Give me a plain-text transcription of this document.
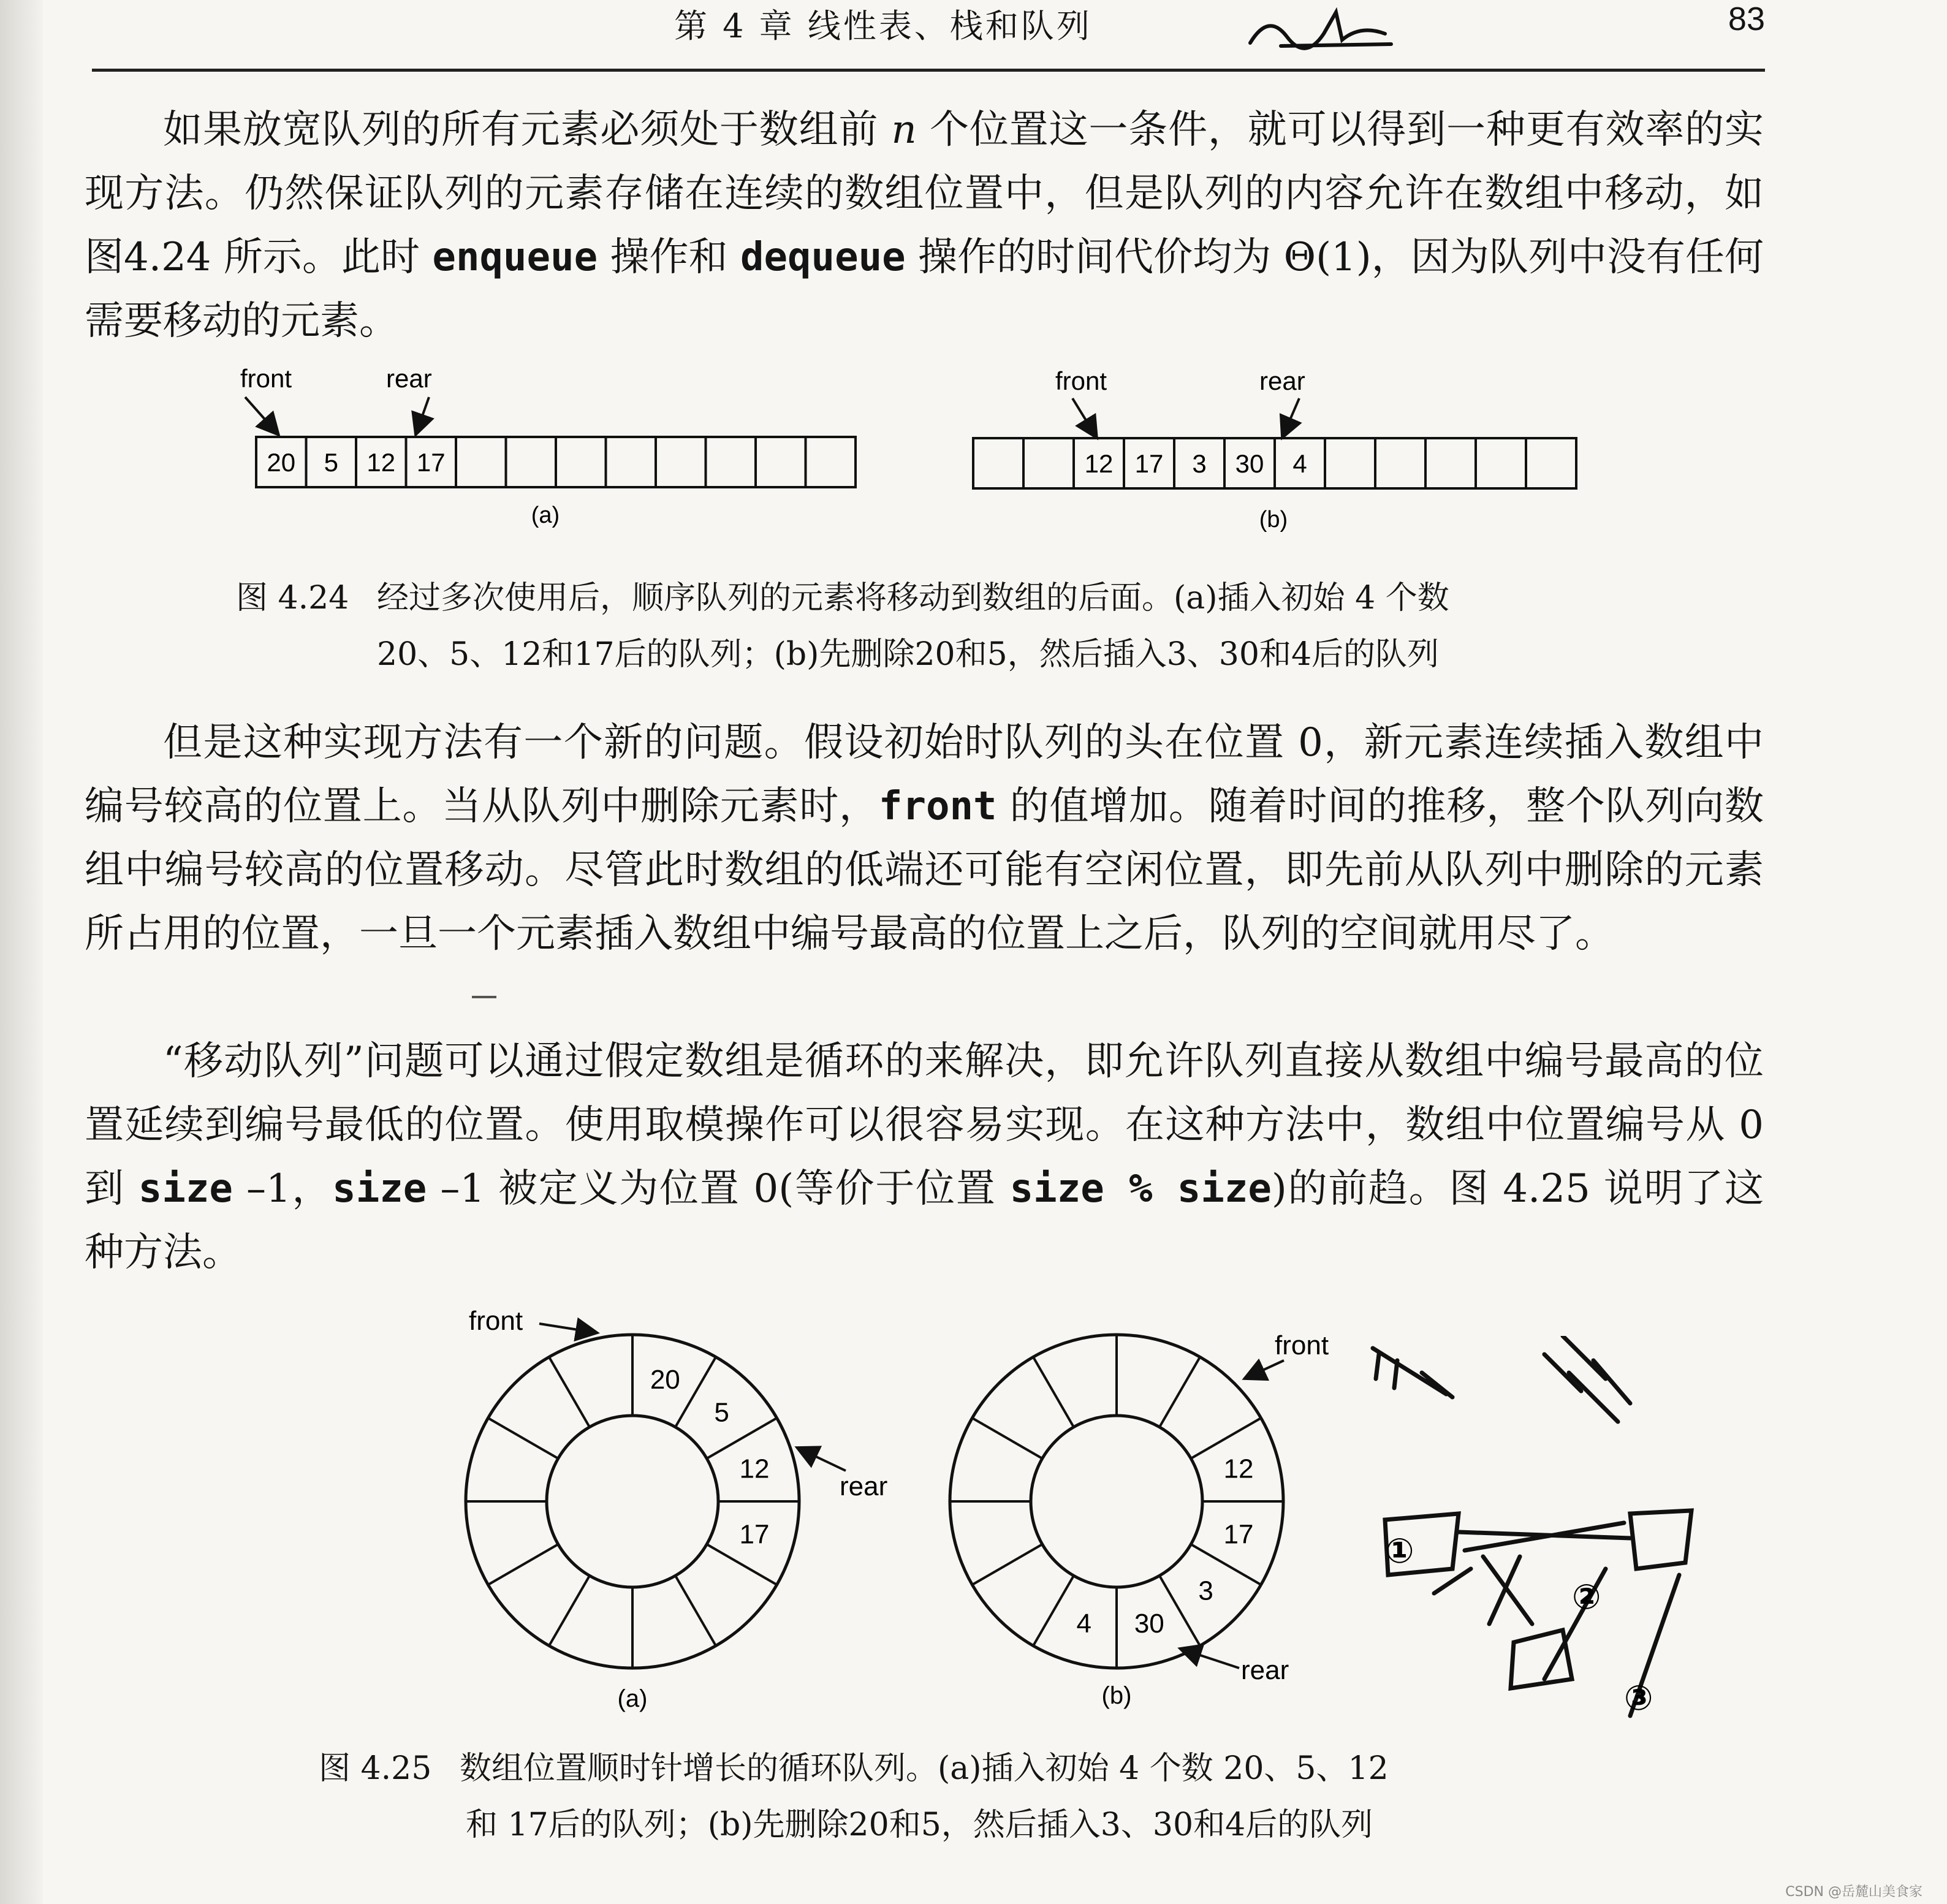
第 4 章 线性表、栈和队列	83

如果放宽队列的所有元素必须处于数组前 n 个位置这一条件，就可以得到一种更有效率的实现方法。仍然保证队列的元素存储在连续的数组位置中，但是队列的内容允许在数组中移动，如图4.24 所示。此时 enqueue 操作和 dequeue 操作的时间代价均为 Θ(1)，因为队列中没有任何需要移动的元素。

20 5 12 17
front	rear
(a)
12 17 3 30 4
front	rear
(b)
图 4.24 经过多次使用后，顺序队列的元素将移动到数组的后面。(a)插入初始 4 个数
20、5、12和17后的队列；(b)先删除20和5，然后插入3、30和4后的队列

但是这种实现方法有一个新的问题。假设初始时队列的头在位置 0，新元素连续插入数组中编号较高的位置上。当从队列中删除元素时，front 的值增加。随着时间的推移，整个队列向数组中编号较高的位置移动。尽管此时数组的低端还可能有空闲位置，即先前从队列中删除的元素所占用的位置，一旦一个元素插入数组中编号最高的位置上之后，队列的空间就用尽了。

“移动队列”问题可以通过假定数组是循环的来解决，即允许队列直接从数组中编号最高的位置延续到编号最低的位置。使用取模操作可以很容易实现。在这种方法中，数组中位置编号从 0 到 size –1，size –1 被定义为位置 0(等价于位置 size % size)的前趋。图 4.25 说明了这种方法。

20
5
12
17
12
17
3
30
4
front
rear
(a)
front
rear
(b)
①
②
③
图 4.25 数组位置顺时针增长的循环队列。(a)插入初始 4 个数 20、5、12
和 17后的队列；(b)先删除20和5，然后插入3、30和4后的队列
CSDN @岳麓山美食家
